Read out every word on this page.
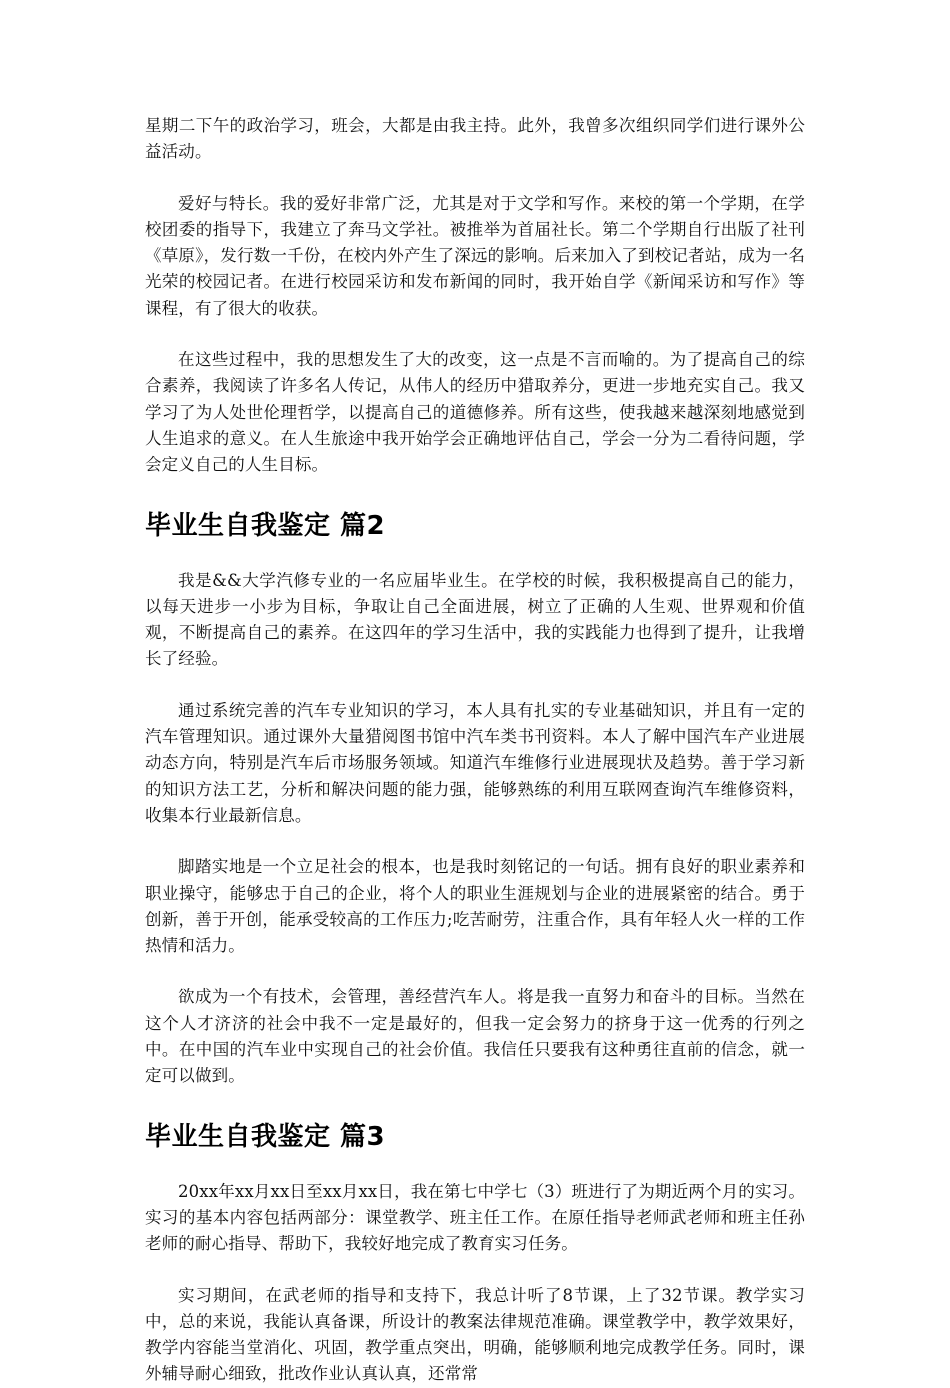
星期二下午的政治学习，班会，大都是由我主持。此外，我曾多次组织同学们进行课外公益活动。

爱好与特长。我的爱好非常广泛，尤其是对于文学和写作。来校的第一个学期，在学校团委的指导下，我建立了奔马文学社。被推举为首届社长。第二个学期自行出版了社刊《草原》，发行数一千份，在校内外产生了深远的影响。后来加入了到校记者站，成为一名光荣的校园记者。在进行校园采访和发布新闻的同时，我开始自学《新闻采访和写作》等课程，有了很大的收获。

在这些过程中，我的思想发生了大的改变，这一点是不言而喻的。为了提高自己的综合素养，我阅读了许多名人传记，从伟人的经历中猎取养分，更进一步地充实自己。我又学习了为人处世伦理哲学，以提高自己的道德修养。所有这些，使我越来越深刻地感觉到人生追求的意义。在人生旅途中我开始学会正确地评估自己，学会一分为二看待问题，学会定义自己的人生目标。

毕业生自我鉴定 篇2

我是&&大学汽修专业的一名应届毕业生。在学校的时候，我积极提高自己的能力，以每天进步一小步为目标，争取让自己全面进展，树立了正确的人生观、世界观和价值观，不断提高自己的素养。在这四年的学习生活中，我的实践能力也得到了提升，让我增长了经验。

通过系统完善的汽车专业知识的学习，本人具有扎实的专业基础知识，并且有一定的汽车管理知识。通过课外大量猎阅图书馆中汽车类书刊资料。本人了解中国汽车产业进展动态方向，特别是汽车后市场服务领域。知道汽车维修行业进展现状及趋势。善于学习新的知识方法工艺，分析和解决问题的能力强，能够熟练的利用互联网查询汽车维修资料，收集本行业最新信息。

脚踏实地是一个立足社会的根本，也是我时刻铭记的一句话。拥有良好的职业素养和职业操守，能够忠于自己的企业，将个人的职业生涯规划与企业的进展紧密的结合。勇于创新，善于开创，能承受较高的工作压力;吃苦耐劳，注重合作，具有年轻人火一样的工作热情和活力。

欲成为一个有技术，会管理，善经营汽车人。将是我一直努力和奋斗的目标。当然在这个人才济济的社会中我不一定是最好的，但我一定会努力的挤身于这一优秀的行列之中。在中国的汽车业中实现自己的社会价值。我信任只要我有这种勇往直前的信念，就一定可以做到。

毕业生自我鉴定 篇3

20xx年xx月xx日至xx月xx日，我在第七中学七（3）班进行了为期近两个月的实习。实习的基本内容包括两部分：课堂教学、班主任工作。在原任指导老师武老师和班主任孙老师的耐心指导、帮助下，我较好地完成了教育实习任务。

实习期间，在武老师的指导和支持下，我总计听了8节课，上了32节课。教学实习中，总的来说，我能认真备课，所设计的教案法律规范准确。课堂教学中，教学效果好，教学内容能当堂消化、巩固，教学重点突出，明确，能够顺利地完成教学任务。同时，课外辅导耐心细致，批改作业认真认真，还常常
